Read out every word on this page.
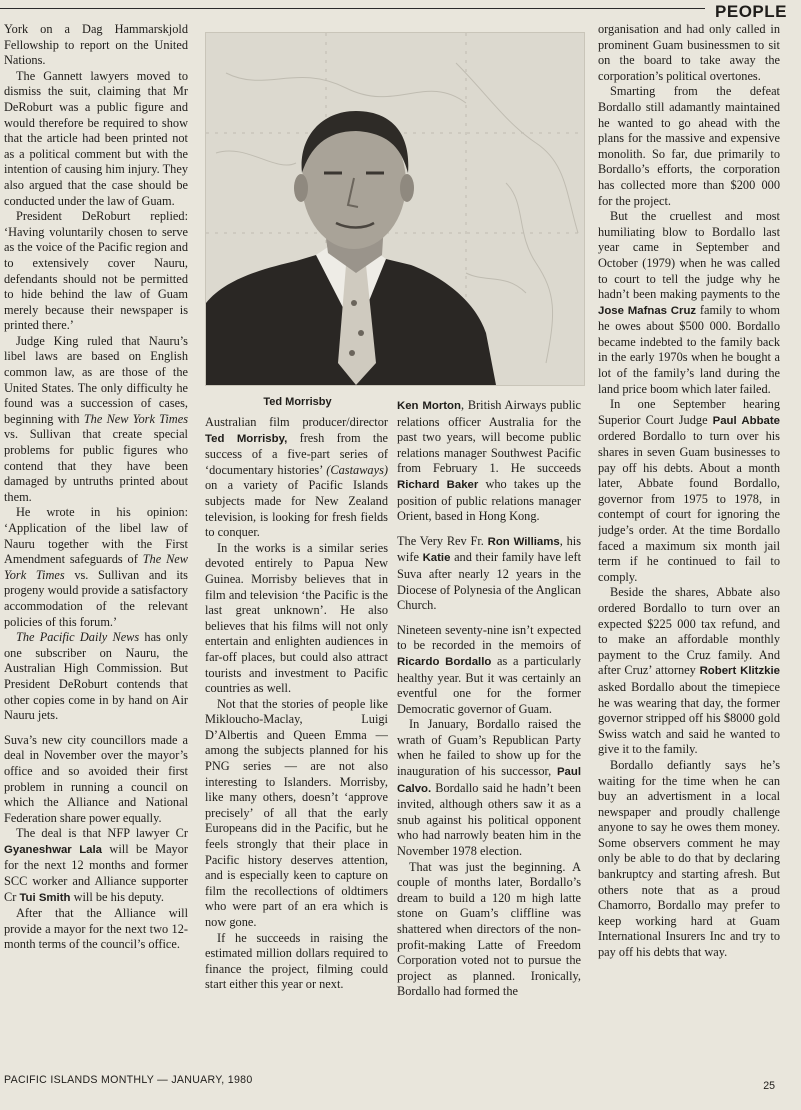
PEOPLE

York on a Dag Hammarskjold Fellowship to report on the United Nations.

The Gannett lawyers moved to dismiss the suit, claiming that Mr DeRoburt was a public figure and would therefore be required to show that the article had been printed not as a political comment but with the intention of causing him injury. They also argued that the case should be conducted under the law of Guam.

President DeRoburt replied: ‘Having voluntarily chosen to serve as the voice of the Pacific region and to extensively cover Nauru, defendants should not be permitted to hide behind the law of Guam merely because their newspaper is printed there.’

Judge King ruled that Nauru’s libel laws are based on English common law, as are those of the United States. The only difficulty he found was a succession of cases, beginning with The New York Times vs. Sullivan that create special problems for public figures who contend that they have been damaged by untruths printed about them.

He wrote in his opinion: ‘Application of the libel law of Nauru together with the First Amendment safeguards of The New York Times vs. Sullivan and its progeny would provide a satisfactory accommodation of the relevant policies of this forum.’

The Pacific Daily News has only one subscriber on Nauru, the Australian High Commission. But President DeRoburt contends that other copies come in by hand on Air Nauru jets.

Suva’s new city councillors made a deal in November over the mayor’s office and so avoided their first problem in running a council on which the Alliance and National Federation share power equally.

The deal is that NFP lawyer Cr Gyaneshwar Lala will be Mayor for the next 12 months and former SCC worker and Alliance supporter Cr Tui Smith will be his deputy.

After that the Alliance will provide a mayor for the next two 12-month terms of the council’s office.

Ted Morrisby

Australian film producer/director Ted Morrisby, fresh from the success of a five-part series of ‘documentary histories’ (Castaways) on a variety of Pacific Islands subjects made for New Zealand television, is looking for fresh fields to conquer.

In the works is a similar series devoted entirely to Papua New Guinea. Morrisby believes that in film and television ‘the Pacific is the last great unknown’. He also believes that his films will not only entertain and enlighten audiences in far-off places, but could also attract tourists and investment to Pacific countries as well.

Not that the stories of people like Mikloucho-Maclay, Luigi D’Albertis and Queen Emma — among the subjects planned for his PNG series — are not also interesting to Islanders. Morrisby, like many others, doesn’t ‘approve precisely’ of all that the early Europeans did in the Pacific, but he feels strongly that their place in Pacific history deserves attention, and is especially keen to capture on film the recollections of oldtimers who were part of an era which is now gone.

If he succeeds in raising the estimated million dollars required to finance the project, filming could start either this year or next.

Ken Morton, British Airways public relations officer Australia for the past two years, will become public relations manager Southwest Pacific from February 1. He succeeds Richard Baker who takes up the position of public relations manager Orient, based in Hong Kong.

The Very Rev Fr. Ron Williams, his wife Katie and their family have left Suva after nearly 12 years in the Diocese of Polynesia of the Anglican Church.

Nineteen seventy-nine isn’t expected to be recorded in the memoirs of Ricardo Bordallo as a particularly healthy year. But it was certainly an eventful one for the former Democratic governor of Guam.

In January, Bordallo raised the wrath of Guam’s Republican Party when he failed to show up for the inauguration of his successor, Paul Calvo. Bordallo said he hadn’t been invited, although others saw it as a snub against his political opponent who had narrowly beaten him in the November 1978 election.

That was just the beginning. A couple of months later, Bordallo’s dream to build a 120 m high latte stone on Guam’s cliffline was shattered when directors of the non-profit-making Latte of Freedom Corporation voted not to pursue the project as planned. Ironically, Bordallo had formed the

organisation and had only called in prominent Guam businessmen to sit on the board to take away the corporation’s political overtones.

Smarting from the defeat Bordallo still adamantly maintained he wanted to go ahead with the plans for the massive and expensive monolith. So far, due primarily to Bordallo’s efforts, the corporation has collected more than $200 000 for the project.

But the cruellest and most humiliating blow to Bordallo last year came in September and October (1979) when he was called to court to tell the judge why he hadn’t been making payments to the Jose Mafnas Cruz family to whom he owes about $500 000. Bordallo became indebted to the family back in the early 1970s when he bought a lot of the family’s land during the land price boom which later failed.

In one September hearing Superior Court Judge Paul Abbate ordered Bordallo to turn over his shares in seven Guam businesses to pay off his debts. About a month later, Abbate found Bordallo, governor from 1975 to 1978, in contempt of court for ignoring the judge’s order. At the time Bordallo faced a maximum six month jail term if he continued to fail to comply.

Beside the shares, Abbate also ordered Bordallo to turn over an expected $225 000 tax refund, and to make an affordable monthly payment to the Cruz family. And after Cruz’ attorney Robert Klitzkie asked Bordallo about the timepiece he was wearing that day, the former governor stripped off his $8000 gold Swiss watch and said he wanted to give it to the family.

Bordallo defiantly says he’s waiting for the time when he can buy an advertisment in a local newspaper and proudly challenge anyone to say he owes them money. Some observers comment he may only be able to do that by declaring bankruptcy and starting afresh. But others note that as a proud Chamorro, Bordallo may prefer to keep working hard at Guam International Insurers Inc and try to pay off his debts that way.

PACIFIC ISLANDS MONTHLY — JANUARY, 1980	25
